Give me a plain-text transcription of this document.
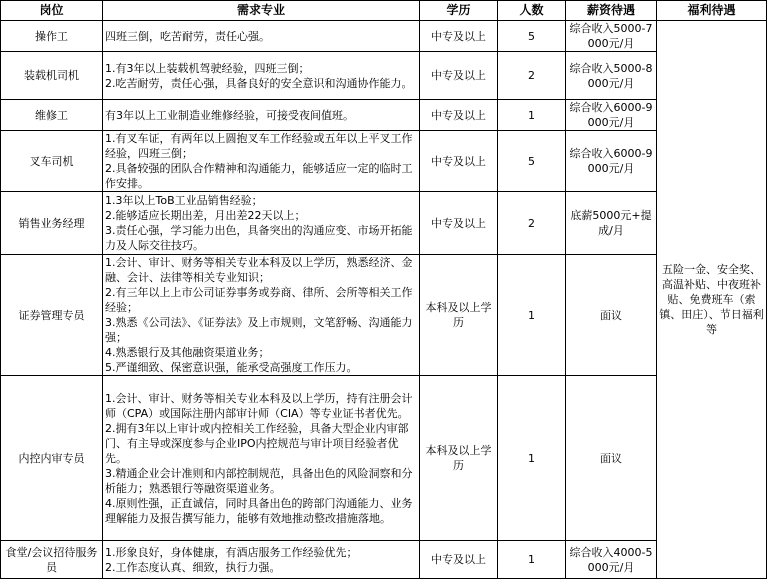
岗位	需求专业	学历	人数	薪资待遇	福利待遇
操作工	四班三倒，吃苦耐劳，责任心强。	中专及以上	5	综合收入5000-7000元/月	五险一金、安全奖、高温补贴、中夜班补贴、免费班车（索镇、田庄）、节日福利等
装载机司机	1.有3年以上装载机驾驶经验，四班三倒；
2.吃苦耐劳，责任心强，具备良好的安全意识和沟通协作能力。	中专及以上	2	综合收入5000-8000元/月	
维修工	有3年以上工业制造业维修经验，可接受夜间值班。	中专及以上	1	综合收入6000-9000元/月	
叉车司机	1.有叉车证，有两年以上圆抱叉车工作经验或五年以上平叉工作经验，四班三倒；
2.具备较强的团队合作精神和沟通能力，能够适应一定的临时工作安排。	中专及以上	5	综合收入6000-9000元/月	
销售业务经理	1.3年以上ToB工业品销售经验；
2.能够适应长期出差，月出差22天以上；
3.责任心强，学习能力出色，具备突出的沟通应变、市场开拓能力及人际交往技巧。	中专及以上	2	底薪5000元+提成/月	
证券管理专员	1.会计、审计、财务等相关专业本科及以上学历，熟悉经济、金融、会计、法律等相关专业知识；
2.有三年以上上市公司证券事务或券商、律所、会所等相关工作经验；
3.熟悉《公司法》、《证券法》及上市规则，文笔舒畅、沟通能力强；
4.熟悉银行及其他融资渠道业务；
5.严谨细致、保密意识强，能承受高强度工作压力。	本科及以上学历	1	面议	
内控内审专员	1.会计、审计、财务等相关专业本科及以上学历，持有注册会计师（CPA）或国际注册内部审计师（CIA）等专业证书者优先。
2.拥有3年以上审计或内控相关工作经验，具备大型企业内审部门、有主导或深度参与企业IPO内控规范与审计项目经验者优先。
3.精通企业会计准则和内部控制规范，具备出色的风险洞察和分析能力；熟悉银行等融资渠道业务。
4.原则性强，正直诚信，同时具备出色的跨部门沟通能力、业务理解能力及报告撰写能力，能够有效地推动整改措施落地。	本科及以上学历	1	面议	
食堂/会议招待服务员	1.形象良好，身体健康，有酒店服务工作经验优先；
2.工作态度认真、细致，执行力强。	中专及以上	1	综合收入4000-5000元/月	
